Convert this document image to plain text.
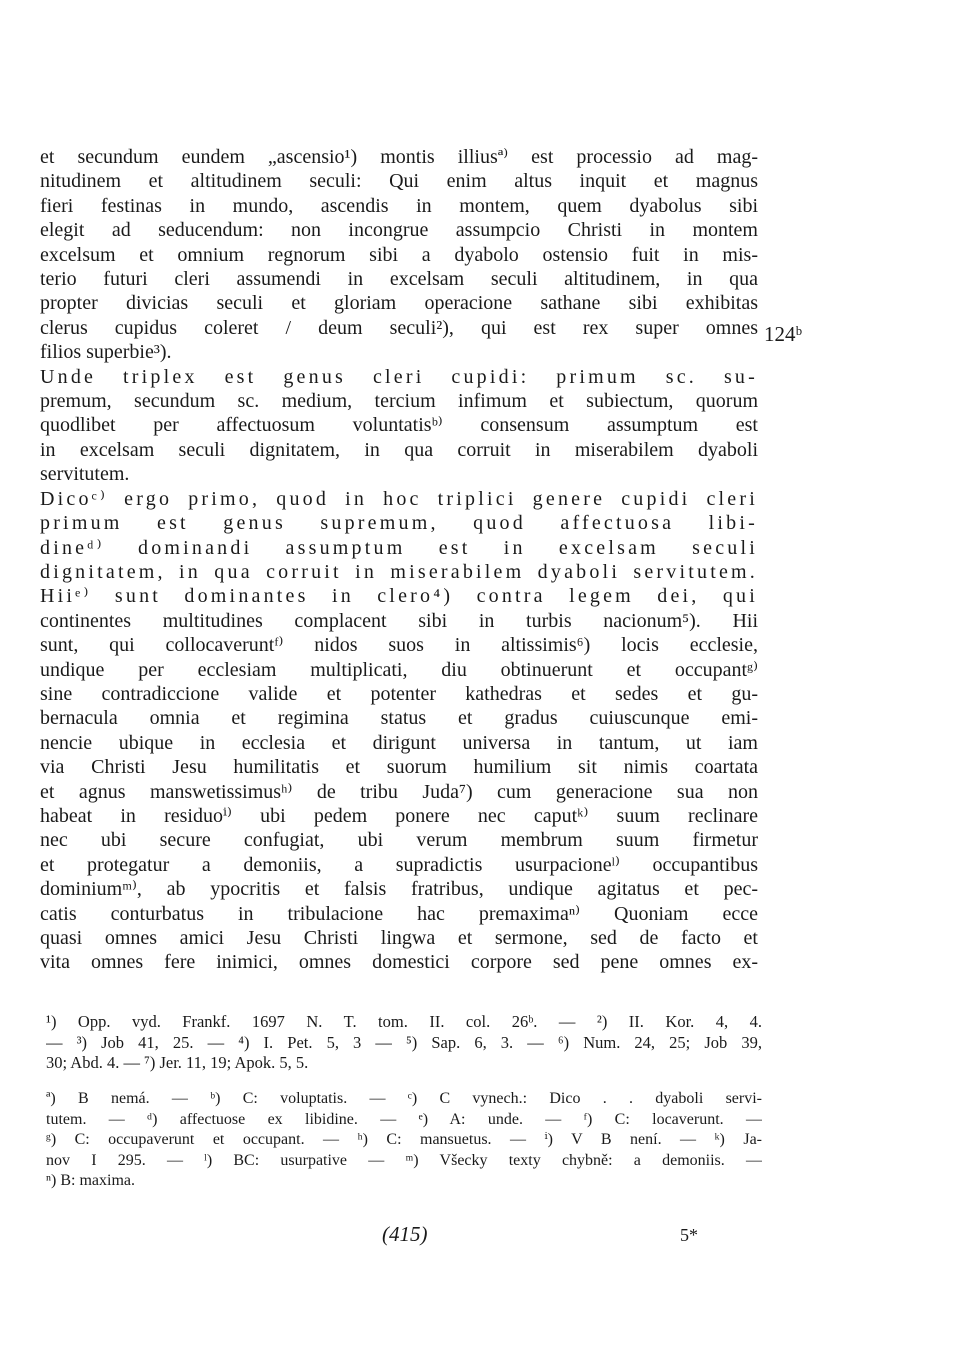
et secundum eundem „ascensio¹) montis illiusª⁾ est processio ad mag-
nitudinem et altitudinem seculi: Qui enim altus inquit et magnus
fieri festinas in mundo, ascendis in montem, quem dyabolus sibi
elegit ad seducendum: non incongrue assumpcio Christi in montem
excelsum et omnium regnorum sibi a dyabolo ostensio fuit in mis-
terio futuri cleri assumendi in excelsam seculi altitudinem, in qua
propter divicias seculi et gloriam operacione sathane sibi exhibitas
clerus cupidus coleret / deum seculi²), qui est rex super omnes
filios superbie³).
Unde triplex est genus cleri cupidi: primum sc. su-
premum, secundum sc. medium, tercium infimum et subiectum, quorum
quodlibet per affectuosum voluntatisᵇ⁾ consensum assumptum est
in excelsam seculi dignitatem, in qua corruit in miserabilem dyaboli
servitutem.
Dicoᶜ⁾ ergo primo, quod in hoc triplici genere cupidi cleri
primum est genus supremum, quod affectuosa libi-
dineᵈ⁾ dominandi assumptum est in excelsam seculi
dignitatem, in qua corruit in miserabilem dyaboli servitutem.
Hiiᵉ⁾ sunt dominantes in clero⁴) contra legem dei, qui
continentes multitudines complacent sibi in turbis nacionum⁵). Hii
sunt, qui collocaveruntᶠ⁾ nidos suos in altissimis⁶) locis ecclesie,
undique per ecclesiam multiplicati, diu obtinuerunt et occupantᵍ⁾
sine contradiccione valide et potenter kathedras et sedes et gu-
bernacula omnia et regimina status et gradus cuiuscunque emi-
nencie ubique in ecclesia et dirigunt universa in tantum, ut iam
via Christi Jesu humilitatis et suorum humilium sit nimis coartata
et agnus manswetissimusʰ⁾ de tribu Juda⁷) cum generacione sua non
habeat in residuoⁱ⁾ ubi pedem ponere nec caputᵏ⁾ suum reclinare
nec ubi secure confugiat, ubi verum membrum suum firmetur
et protegatur a demoniis, a supradictis usurpacioneˡ⁾ occupantibus
dominiumᵐ⁾, ab ypocritis et falsis fratribus, undique agitatus et pec-
catis conturbatus in tribulacione hac premaximaⁿ⁾ Quoniam ecce
quasi omnes amici Jesu Christi lingwa et sermone, sed de facto et
vita omnes fere inimici, omnes domestici corpore sed pene omnes ex-
124ᵇ
¹) Opp. vyd. Frankf. 1697 N. T. tom. II. col. 26ᵇ. — ²) II. Kor. 4, 4.
— ³) Job 41, 25. — ⁴) I. Pet. 5, 3 — ⁵) Sap. 6, 3. — ⁶) Num. 24, 25; Job 39,
30; Abd. 4. — ⁷) Jer. 11, 19; Apok. 5, 5.
ª) B nemá. — ᵇ) C: voluptatis. — ᶜ) C vynech.: Dico . . dyaboli servi-
tutem. — ᵈ) affectuose ex libidine. — ᵉ) A: unde. — ᶠ) C: locaverunt. —
ᵍ) C: occupaverunt et occupant. — ʰ) C: mansuetus. — ⁱ) V B není. — ᵏ) Ja-
nov I 295. — ˡ) BC: usurpative — ᵐ) Všecky texty chybně: a demoniis. —
ⁿ) B: maxima.
(415)	5*
